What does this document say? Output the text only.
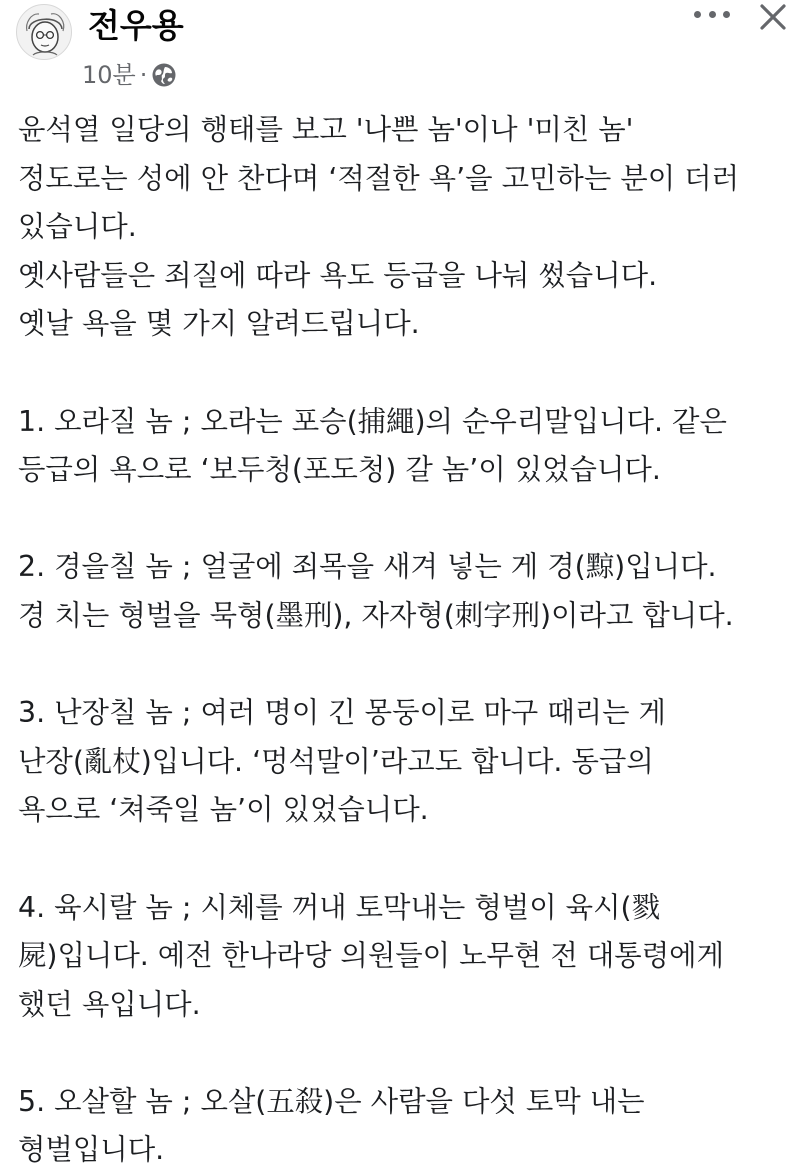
전우용
10분 ·
윤석열 일당의 행태를 보고 '나쁜 놈'이나 '미친 놈'
정도로는 성에 안 찬다며 ‘적절한 욕’을 고민하는 분이 더러
있습니다.
옛사람들은 죄질에 따라 욕도 등급을 나눠 썼습니다.
옛날 욕을 몇 가지 알려드립니다.
1. 오라질 놈 ; 오라는 포승(捕繩)의 순우리말입니다. 같은
등급의 욕으로 ‘보두청(포도청) 갈 놈’이 있었습니다.
2. 경을칠 놈 ; 얼굴에 죄목을 새겨 넣는 게 경(黥)입니다.
경 치는 형벌을 묵형(墨刑), 자자형(刺字刑)이라고 합니다.
3. 난장칠 놈 ; 여러 명이 긴 몽둥이로 마구 때리는 게
난장(亂杖)입니다. ‘멍석말이’라고도 합니다. 동급의
욕으로 ‘쳐죽일 놈’이 있었습니다.
4. 육시랄 놈 ; 시체를 꺼내 토막내는 형벌이 육시(戮
屍)입니다. 예전 한나라당 의원들이 노무현 전 대통령에게
했던 욕입니다.
5. 오살할 놈 ; 오살(五殺)은 사람을 다섯 토막 내는
형벌입니다.
